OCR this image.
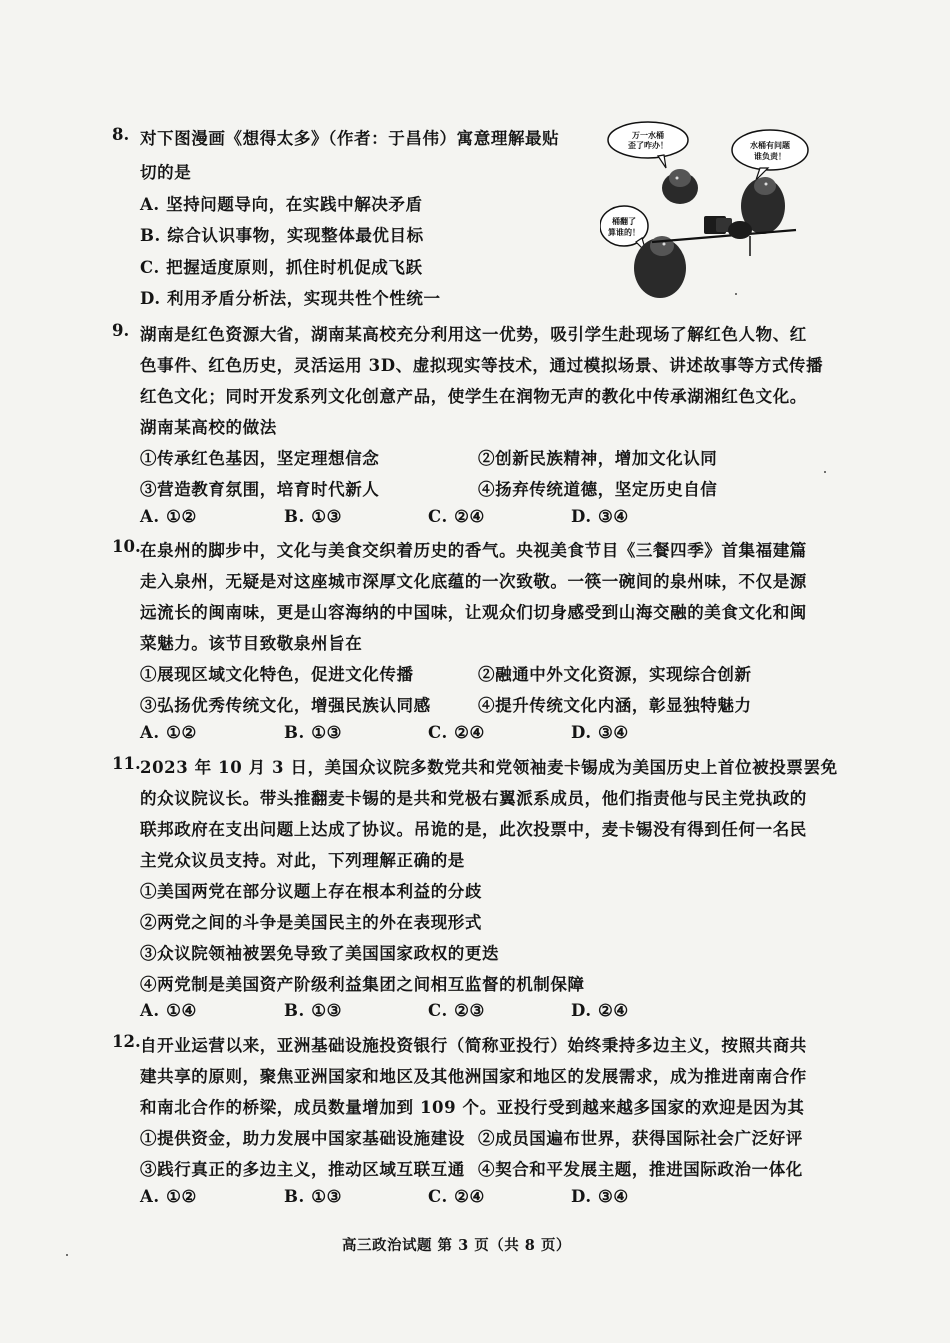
8. 对下图漫画《想得太多》（作者：于昌伟）寓意理解最贴
切的是
A. 坚持问题导向，在实践中解决矛盾
B. 综合认识事物，实现整体最优目标
C. 把握适度原则，抓住时机促成飞跃
D. 利用矛盾分析法，实现共性个性统一
万一水桶
歪了咋办！	水桶有问题
谁负责！
桶翻了
算谁的！
9. 湖南是红色资源大省，湖南某高校充分利用这一优势，吸引学生赴现场了解红色人物、红
色事件、红色历史，灵活运用 3D、虚拟现实等技术，通过模拟场景、讲述故事等方式传播
红色文化；同时开发系列文化创意产品，使学生在润物无声的教化中传承湖湘红色文化。
湖南某高校的做法
①传承红色基因，坚定理想信念	②创新民族精神，增加文化认同
③营造教育氛围，培育时代新人	④扬弃传统道德，坚定历史自信
A. ①②	B. ①③	C. ②④	D. ③④
10. 在泉州的脚步中，文化与美食交织着历史的香气。央视美食节目《三餐四季》首集福建篇
走入泉州，无疑是对这座城市深厚文化底蕴的一次致敬。一筷一碗间的泉州味，不仅是源
远流长的闽南味，更是山容海纳的中国味，让观众们切身感受到山海交融的美食文化和闽
菜魅力。该节目致敬泉州旨在
①展现区域文化特色，促进文化传播	②融通中外文化资源，实现综合创新
③弘扬优秀传统文化，增强民族认同感	④提升传统文化内涵，彰显独特魅力
A. ①②	B. ①③	C. ②④	D. ③④
11. 2023 年 10 月 3 日，美国众议院多数党共和党领袖麦卡锡成为美国历史上首位被投票罢免
的众议院议长。带头推翻麦卡锡的是共和党极右翼派系成员，他们指责他与民主党执政的
联邦政府在支出问题上达成了协议。吊诡的是，此次投票中，麦卡锡没有得到任何一名民
主党众议员支持。对此，下列理解正确的是
①美国两党在部分议题上存在根本利益的分歧
②两党之间的斗争是美国民主的外在表现形式
③众议院领袖被罢免导致了美国国家政权的更迭
④两党制是美国资产阶级利益集团之间相互监督的机制保障
A. ①④	B. ①③	C. ②③	D. ②④
12. 自开业运营以来，亚洲基础设施投资银行（简称亚投行）始终秉持多边主义，按照共商共
建共享的原则，聚焦亚洲国家和地区及其他洲国家和地区的发展需求，成为推进南南合作
和南北合作的桥梁，成员数量增加到 109 个。亚投行受到越来越多国家的欢迎是因为其
①提供资金，助力发展中国家基础设施建设 ②成员国遍布世界，获得国际社会广泛好评
③践行真正的多边主义，推动区域互联互通 ④契合和平发展主题，推进国际政治一体化
A. ①②	B. ①③	C. ②④	D. ③④
高三政治试题 第 3 页（共 8 页）
